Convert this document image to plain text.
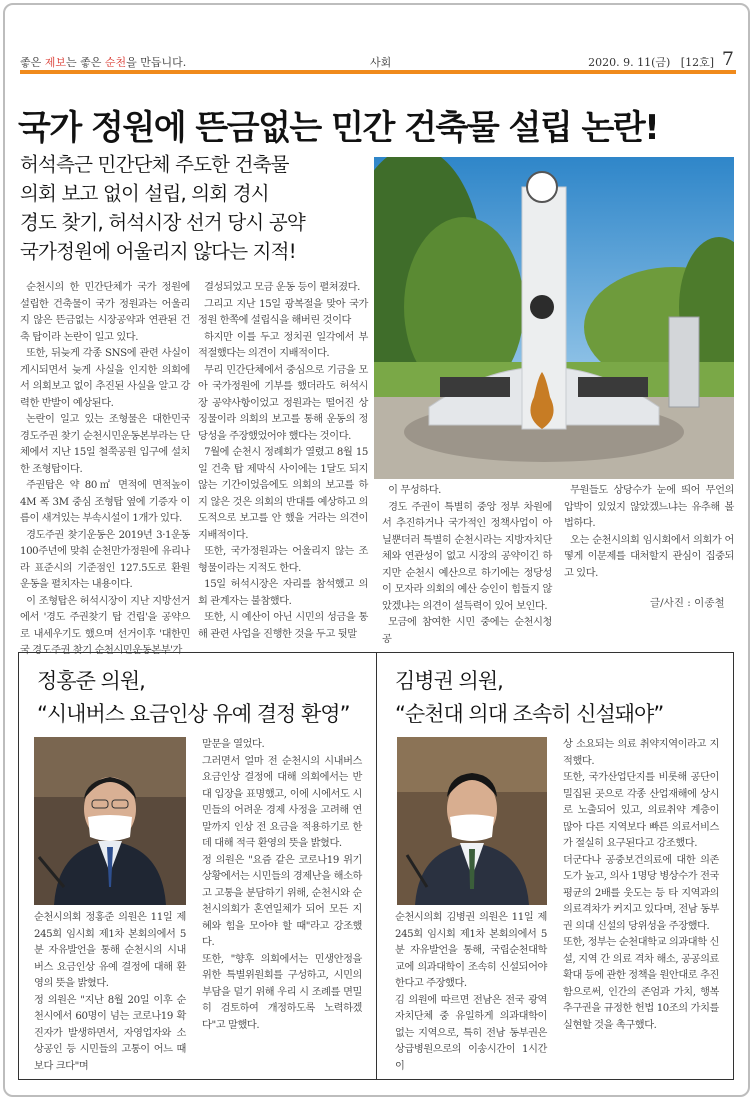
좋은 제보는 좋은 순천을 만듭니다.	사회	2020. 9. 11(금) [12호] 7
국가 정원에 뜬금없는 민간 건축물 설립 논란!
허석측근 민간단체 주도한 건축물
의회 보고 없이 설립, 의회 경시
경도 찾기, 허석시장 선거 당시 공약
국가정원에 어울리지 않다는 지적!

순천시의 한 민간단체가 국가 정원에 설립한 건축물이 국가 정원과는 어울리지 않은 뜬금없는 시장공약과 연관된 건축 탑이라 논란이 일고 있다.

또한, 뒤늦게 각종 SNS에 관련 사실이 게시되면서 늦게 사실을 인지한 의회에서 의회보고 없이 추진된 사실을 알고 강력한 반발이 예상된다.

논란이 일고 있는 조형물은 대한민국 경도주권 찾기 순천시민운동본부라는 단체에서 지난 15일 철쭉공원 입구에 설치한 조형탑이다.

주권탑은 약 80㎡ 면적에 면적높이 4M 폭 3M 중심 조형탑 옆에 기증자 이름이 새겨있는 부속시설이 1개가 있다.

경도주권 찾기운동은 2019년 3·1운동 100주년에 맞춰 순천만가정원에 유리나라 표준시의 기준점인 127.5도로 환원운동을 펼치자는 내용이다.

이 조형탑은 허석시장이 지난 지방선거에서 '경도 주권찾기 탑 건립'을 공약으로 내세우기도 했으며 선거이후 '대한민국 경도주권 찾기 순천시민운동본부'가

결성되었고 모금 운동 등이 펼쳐졌다.

그리고 지난 15일 광복절을 맞아 국가정원 한쪽에 설립식을 해버린 것이다

하지만 이를 두고 정치권 일각에서 부적절했다는 의견이 지배적이다.

무리 민간단체에서 중심으로 기금을 모아 국가정원에 기부를 했더라도 허석시장 공약사항이었고 정원과는 떨어진 상징물이라 의회의 보고를 통해 운동의 정당성을 주장했었어야 했다는 것이다.

7월에 순천시 정례회가 열렸고 8월 15일 건축 탑 제막식 사이에는 1달도 되지 않는 기간이었음에도 의회의 보고를 하지 않은 것은 의회의 반대를 예상하고 의도적으로 보고를 안 했을 거라는 의견이 지배적이다.

또한, 국가정원과는 어울리지 않는 조형물이라는 지적도 한다.

15일 허석시장은 자리를 참석했고 의회 관계자는 불참했다.

또한, 시 예산이 아닌 시민의 성금을 통해 관련 사업을 진행한 것을 두고 뒷말

이 무성하다.

경도 주권이 특별히 중앙 정부 차원에서 추진하거나 국가적인 정책사업이 아닐뿐더러 특별히 순천시라는 지방자치단체와 연관성이 없고 시장의 공약이긴 하지만 순천시 예산으로 하기에는 정당성이 모자라 의회의 예산 승인이 힘들지 않았겠냐는 의견이 설득력이 있어 보인다.

모금에 참여한 시민 중에는 순천시청 공

무원들도 상당수가 눈에 띄어 무언의 압박이 있었지 않았겠느냐는 유추해 볼법하다.

오는 순천시의회 임시회에서 의회가 어떻게 이문제를 대처할지 관심이 집중되고 있다.

글/사진 : 이종철
정홍준 의원,
“시내버스 요금인상 유예 결정 환영”

순천시의회 정홍준 의원은 11일 제245회 임시회 제1차 본회의에서 5분 자유발언을 통해 순천시의 시내버스 요금인상 유예 결정에 대해 환영의 뜻을 밝혔다.

정 의원은 "지난 8월 20일 이후 순천시에서 60명이 넘는 코로나19 확진자가 발생하면서, 자영업자와 소상공인 등 시민들의 고통이 어느 때보다 크다"며

말문을 열었다.

그러면서 얼마 전 순천시의 시내버스 요금인상 결정에 대해 의회에서는 반대 입장을 표명했고, 이에 시에서도 시민들의 어려운 경제 사정을 고려해 연말까지 인상 전 요금을 적용하기로 한데 대해 적극 환영의 뜻을 밝혔다.

정 의원은 "요즘 같은 코로나19 위기 상황에서는 시민들의 경제난을 해소하고 고통을 분담하기 위해, 순천시와 순천시의회가 혼연일체가 되어 모든 지혜와 힘을 모아야 할 때"라고 강조했다.

또한, "향후 의회에서는 민생안정을 위한 특별위원회를 구성하고, 시민의 부담을 덜기 위해 우리 시 조례를 면밀히 검토하여 개정하도록 노력하겠다"고 말했다.

김병권 의원,
“순천대 의대 조속히 신설돼야”

순천시의회 김병권 의원은 11일 제245회 임시회 제1차 본회의에서 5분 자유발언을 통해, 국립순천대학교에 의과대학이 조속히 신설되어야 한다고 주장했다.

김 의원에 따르면 전남은 전국 광역자치단체 중 유일하게 의과대학이 없는 지역으로, 특히 전남 동부권은 상급병원으로의 이송시간이 1시간 이

상 소요되는 의료 취약지역이라고 지적했다.

또한, 국가산업단지를 비롯해 공단이 밀집된 곳으로 각종 산업재해에 상시로 노출되어 있고, 의료취약 계층이 많아 다른 지역보다 빠른 의료서비스가 절실히 요구된다고 강조했다.

더군다나 공중보건의료에 대한 의존도가 높고, 의사 1명당 병상수가 전국 평균의 2배를 웃도는 등 타 지역과의 의료격차가 커지고 있다며, 전남 동부권 의대 신설의 당위성을 주장했다.

또한, 정부는 순천대학교 의과대학 신설, 지역 간 의료 격차 해소, 공공의료 확대 등에 관한 정책을 원안대로 추진함으로써, 인간의 존엄과 가치, 행복 추구권을 규정한 헌법 10조의 가치를 실현할 것을 촉구했다.
